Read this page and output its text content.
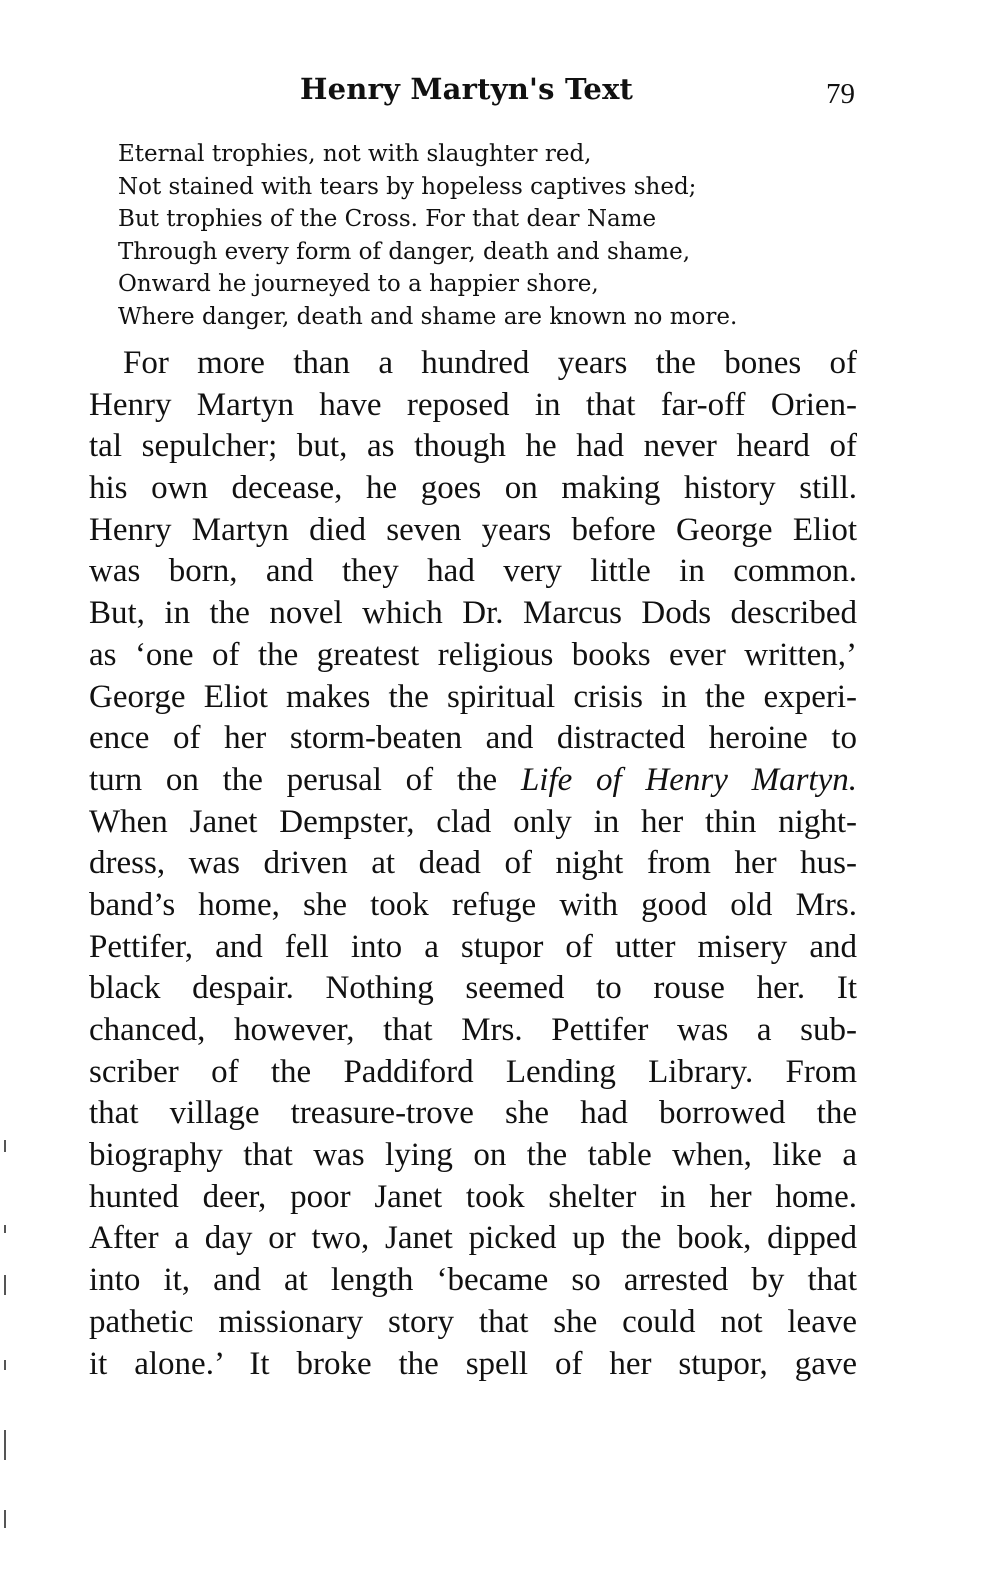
Henry Martyn's Text	79
Eternal trophies, not with slaughter red,
Not stained with tears by hopeless captives shed;
But trophies of the Cross. For that dear Name
Through every form of danger, death and shame,
Onward he journeyed to a happier shore,
Where danger, death and shame are known no more.
For more than a hundred years the bones of
Henry Martyn have reposed in that far-off Orien-
tal sepulcher; but, as though he had never heard of
his own decease, he goes on making history still.
Henry Martyn died seven years before George Eliot
was born, and they had very little in common.
But, in the novel which Dr. Marcus Dods described
as ‘one of the greatest religious books ever written,’
George Eliot makes the spiritual crisis in the experi-
ence of her storm-beaten and distracted heroine to
turn on the perusal of the Life of Henry Martyn.
When Janet Dempster, clad only in her thin night-
dress, was driven at dead of night from her hus-
band’s home, she took refuge with good old Mrs.
Pettifer, and fell into a stupor of utter misery and
black despair. Nothing seemed to rouse her. It
chanced, however, that Mrs. Pettifer was a sub-
scriber of the Paddiford Lending Library. From
that village treasure-trove she had borrowed the
biography that was lying on the table when, like a
hunted deer, poor Janet took shelter in her home.
After a day or two, Janet picked up the book, dipped
into it, and at length ‘became so arrested by that
pathetic missionary story that she could not leave
it alone.’ It broke the spell of her stupor, gave
